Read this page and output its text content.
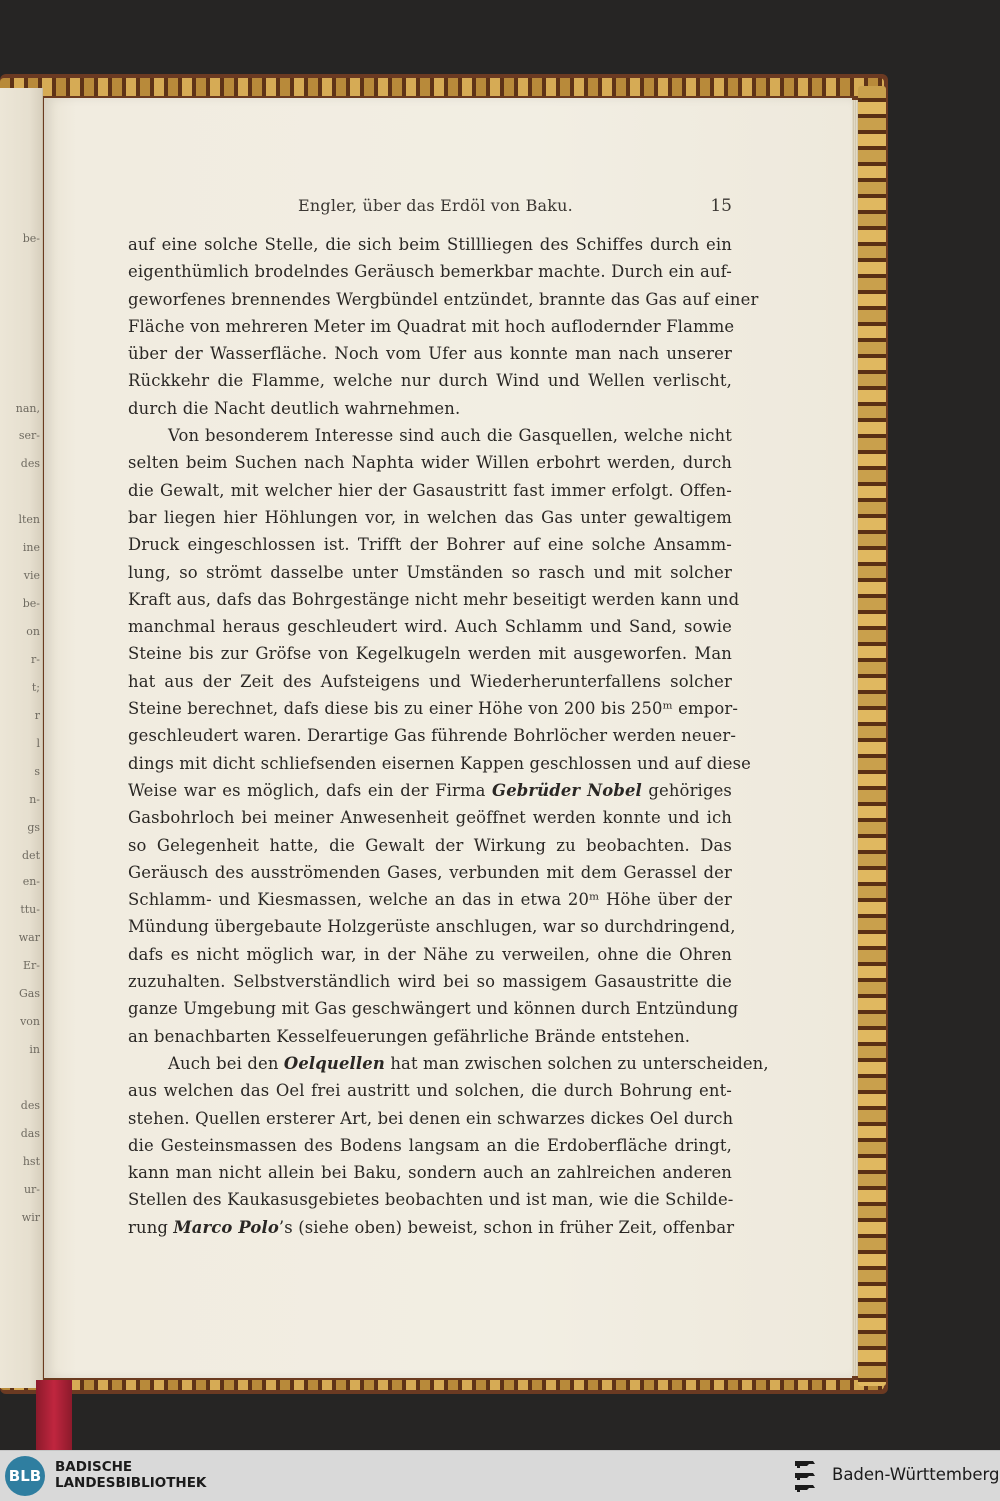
be-
nan,
ser-
des
lten
ine
vie
be-
on
r-
t;
r
l
s
n-
gs
det
en-
ttu-
war
Er-
Gas
von
in
des
das
hst
ur-
wir
Engler, über das Erdöl von Baku.	15
auf eine solche Stelle, die sich beim Stillliegen des Schiffes durch ein
eigenthümlich brodelndes Geräusch bemerkbar machte. Durch ein auf-
geworfenes brennendes Wergbündel entzündet, brannte das Gas auf einer
Fläche von mehreren Meter im Quadrat mit hoch auflodernder Flamme
über der Wasserfläche. Noch vom Ufer aus konnte man nach unserer
Rückkehr die Flamme, welche nur durch Wind und Wellen verlischt,
durch die Nacht deutlich wahrnehmen.
Von besonderem Interesse sind auch die Gasquellen, welche nicht
selten beim Suchen nach Naphta wider Willen erbohrt werden, durch
die Gewalt, mit welcher hier der Gasaustritt fast immer erfolgt. Offen-
bar liegen hier Höhlungen vor, in welchen das Gas unter gewaltigem
Druck eingeschlossen ist. Trifft der Bohrer auf eine solche Ansamm-
lung, so strömt dasselbe unter Umständen so rasch und mit solcher
Kraft aus, dafs das Bohrgestänge nicht mehr beseitigt werden kann und
manchmal heraus geschleudert wird. Auch Schlamm und Sand, sowie
Steine bis zur Gröfse von Kegelkugeln werden mit ausgeworfen. Man
hat aus der Zeit des Aufsteigens und Wiederherunterfallens solcher
Steine berechnet, dafs diese bis zu einer Höhe von 200 bis 250ᵐ empor-
geschleudert waren. Derartige Gas führende Bohrlöcher werden neuer-
dings mit dicht schliefsenden eisernen Kappen geschlossen und auf diese
Weise war es möglich, dafs ein der Firma Gebrüder Nobel gehöriges
Gasbohrloch bei meiner Anwesenheit geöffnet werden konnte und ich
so Gelegenheit hatte, die Gewalt der Wirkung zu beobachten. Das
Geräusch des ausströmenden Gases, verbunden mit dem Gerassel der
Schlamm- und Kiesmassen, welche an das in etwa 20ᵐ Höhe über der
Mündung übergebaute Holzgerüste anschlugen, war so durchdringend,
dafs es nicht möglich war, in der Nähe zu verweilen, ohne die Ohren
zuzuhalten. Selbstverständlich wird bei so massigem Gasaustritte die
ganze Umgebung mit Gas geschwängert und können durch Entzündung
an benachbarten Kesselfeuerungen gefährliche Brände entstehen.
Auch bei den Oelquellen hat man zwischen solchen zu unterscheiden,
aus welchen das Oel frei austritt und solchen, die durch Bohrung ent-
stehen. Quellen ersterer Art, bei denen ein schwarzes dickes Oel durch
die Gesteinsmassen des Bodens langsam an die Erdoberfläche dringt,
kann man nicht allein bei Baku, sondern auch an zahlreichen anderen
Stellen des Kaukasusgebietes beobachten und ist man, wie die Schilde-
rung Marco Polo’s (siehe oben) beweist, schon in früher Zeit, offenbar
BLB BADISCHE
LANDESBIBLIOTHEK	Baden-Württemberg
